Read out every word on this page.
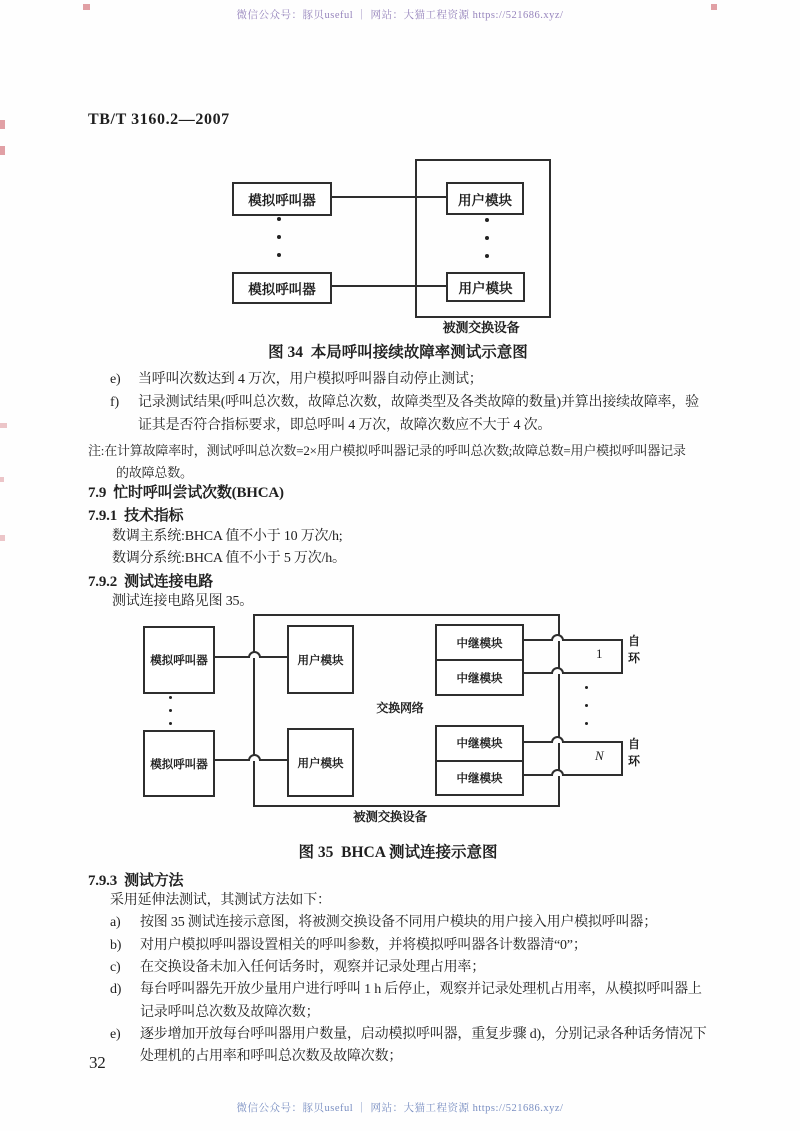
微信公众号：豚贝useful ｜ 网站：大猫工程资源 https://521686.xyz/
微信公众号：豚贝useful ｜ 网站：大猫工程资源 https://521686.xyz/
TB/T 3160.2—2007
模拟呼叫器
模拟呼叫器
用户模块
用户模块
被测交换设备
图 34  本局呼叫接续故障率测试示意图
e) 当呼叫次数达到 4 万次，用户模拟呼叫器自动停止测试；
f) 记录测试结果(呼叫总次数，故障总次数，故障类型及各类故障的数量)并算出接续故障率，验
证其是否符合指标要求，即总呼叫 4 万次，故障次数应不大于 4 次。
注:在计算故障率时，测试呼叫总次数=2×用户模拟呼叫器记录的呼叫总次数;故障总数=用户模拟呼叫器记录
的故障总数。
7.9  忙时呼叫尝试次数(BHCA)
7.9.1  技术指标
数调主系统:BHCA 值不小于 10 万次/h;
数调分系统:BHCA 值不小于 5 万次/h。
7.9.2  测试连接电路
测试连接电路见图 35。
模拟呼叫器
模拟呼叫器
用户模块
用户模块
中继模块
中继模块
中继模块
中继模块
交换网络
1
N
自环
自环
被测交换设备
图 35  BHCA 测试连接示意图
7.9.3  测试方法
采用延伸法测试，其测试方法如下：
a) 按图 35 测试连接示意图，将被测交换设备不同用户模块的用户接入用户模拟呼叫器；
b) 对用户模拟呼叫器设置相关的呼叫参数，并将模拟呼叫器各计数器清“0”；
c) 在交换设备未加入任何话务时，观察并记录处理占用率；
d) 每台呼叫器先开放少量用户进行呼叫 1 h 后停止，观察并记录处理机占用率，从模拟呼叫器上
记录呼叫总次数及故障次数；
e) 逐步增加开放每台呼叫器用户数量，启动模拟呼叫器，重复步骤 d)，分别记录各种话务情况下
处理机的占用率和呼叫总次数及故障次数；
32
